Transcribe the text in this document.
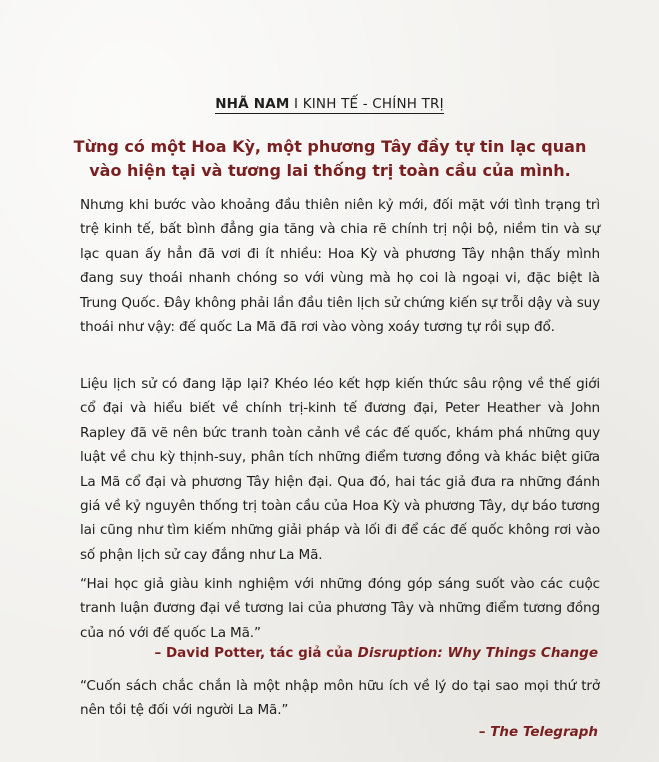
NHÃ NAM I KINH TẾ - CHÍNH TRỊ
Từng có một Hoa Kỳ, một phương Tây đầy tự tin lạc quan
vào hiện tại và tương lai thống trị toàn cầu của mình.
Nhưng khi bước vào khoảng đầu thiên niên kỷ mới, đối mặt với tình trạng trì trệ kinh tế, bất bình đẳng gia tăng và chia rẽ chính trị nội bộ, niềm tin và sự lạc quan ấy hẳn đã vơi đi ít nhiều: Hoa Kỳ và phương Tây nhận thấy mình đang suy thoái nhanh chóng so với vùng mà họ coi là ngoại vi, đặc biệt là Trung Quốc. Đây không phải lần đầu tiên lịch sử chứng kiến sự trỗi dậy và suy thoái như vậy: đế quốc La Mã đã rơi vào vòng xoáy tương tự rồi sụp đổ.
Liệu lịch sử có đang lặp lại? Khéo léo kết hợp kiến thức sâu rộng về thế giới cổ đại và hiểu biết về chính trị-kinh tế đương đại, Peter Heather và John Rapley đã vẽ nên bức tranh toàn cảnh về các đế quốc, khám phá những quy luật về chu kỳ thịnh-suy, phân tích những điểm tương đồng và khác biệt giữa La Mã cổ đại và phương Tây hiện đại. Qua đó, hai tác giả đưa ra những đánh giá về kỷ nguyên thống trị toàn cầu của Hoa Kỳ và phương Tây, dự báo tương lai cũng như tìm kiếm những giải pháp và lối đi để các đế quốc không rơi vào số phận lịch sử cay đắng như La Mã.
“Hai học giả giàu kinh nghiệm với những đóng góp sáng suốt vào các cuộc tranh luận đương đại về tương lai của phương Tây và những điểm tương đồng của nó với đế quốc La Mã.”
– David Potter, tác giả của Disruption: Why Things Change
“Cuốn sách chắc chắn là một nhập môn hữu ích về lý do tại sao mọi thứ trở nên tồi tệ đối với người La Mã.”
– The Telegraph
